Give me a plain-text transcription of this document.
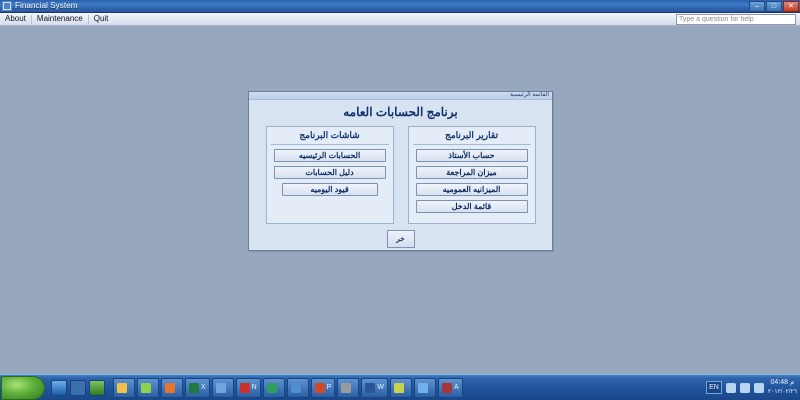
Financial System	–	□	✕
About	Maintenance	Quit	Type a question for help
القائمة الرئيسية
برنامج الحسابات العامه
تقارير البرنامج
حساب الأستاذ
ميزان المراجعة
الميزانيه العموميه
قائمة الدخل
شاشات البرنامج
الحسابات الرئيسيه
دليل الحسابات
قيود اليوميه
خر
X	N	P	W	A	EN
04:48 م
٢٠١٢/٠٢/٢٦
